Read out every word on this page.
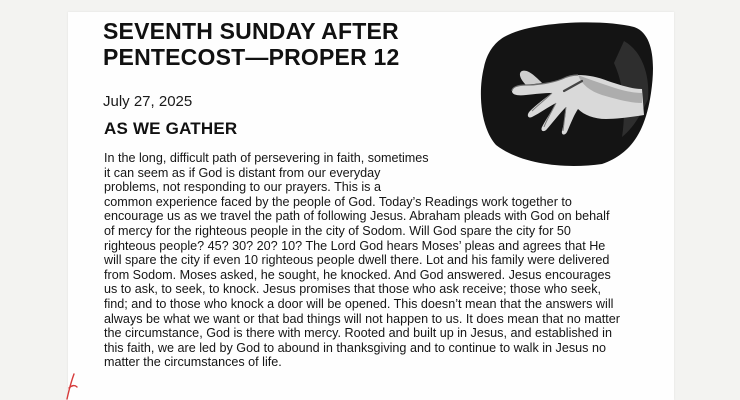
SEVENTH SUNDAY AFTER
PENTECOST—PROPER 12
July 27, 2025
AS WE GATHER
In the long, difficult path of persevering in faith, sometimes
it can seem as if God is distant from our everyday
problems, not responding to our prayers. This is a
common experience faced by the people of God. Today’s Readings work together to
encourage us as we travel the path of following Jesus. Abraham pleads with God on behalf
of mercy for the righteous people in the city of Sodom. Will God spare the city for 50
righteous people? 45? 30? 20? 10? The Lord God hears Moses’ pleas and agrees that He
will spare the city if even 10 righteous people dwell there. Lot and his family were delivered
from Sodom. Moses asked, he sought, he knocked. And God answered. Jesus encourages
us to ask, to seek, to knock. Jesus promises that those who ask receive; those who seek,
find; and to those who knock a door will be opened. This doesn’t mean that the answers will
always be what we want or that bad things will not happen to us. It does mean that no matter
the circumstance, God is there with mercy. Rooted and built up in Jesus, and established in
this faith, we are led by God to abound in thanksgiving and to continue to walk in Jesus no
matter the circumstances of life.
